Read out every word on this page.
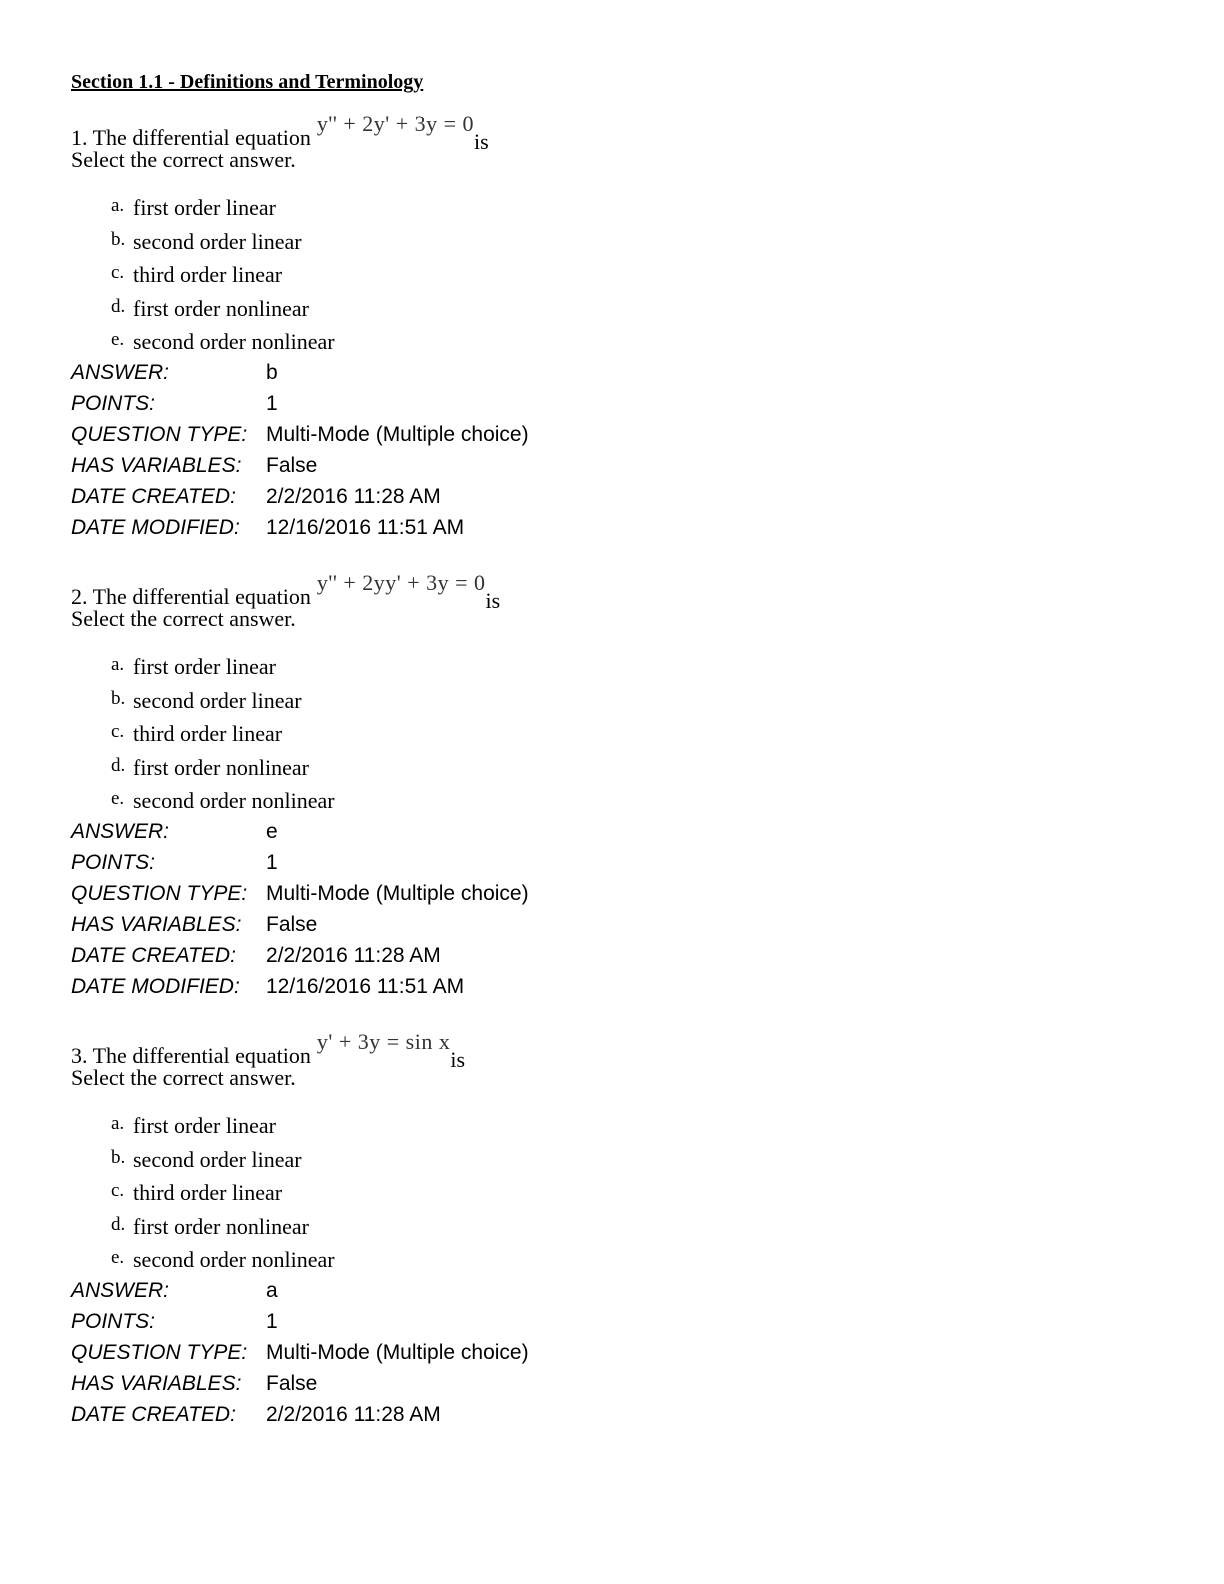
Section 1.1 - Definitions and Terminology
1. The differential equationy'' + 2y' + 3y = 0is
Select the correct answer.
a. first order linear
b. second order linear
c. third order linear
d. first order nonlinear
e. second order nonlinear
ANSWER:	b
POINTS:	1
QUESTION TYPE: Multi-Mode (Multiple choice)
HAS VARIABLES: False
DATE CREATED: 2/2/2016 11:28 AM
DATE MODIFIED: 12/16/2016 11:51 AM
2. The differential equationy'' + 2yy' + 3y = 0is
Select the correct answer.
a. first order linear
b. second order linear
c. third order linear
d. first order nonlinear
e. second order nonlinear
ANSWER:	e
POINTS:	1
QUESTION TYPE: Multi-Mode (Multiple choice)
HAS VARIABLES: False
DATE CREATED: 2/2/2016 11:28 AM
DATE MODIFIED: 12/16/2016 11:51 AM
3. The differential equationy' + 3y = sin xis
Select the correct answer.
a. first order linear
b. second order linear
c. third order linear
d. first order nonlinear
e. second order nonlinear
ANSWER:	a
POINTS:	1
QUESTION TYPE: Multi-Mode (Multiple choice)
HAS VARIABLES: False
DATE CREATED: 2/2/2016 11:28 AM
